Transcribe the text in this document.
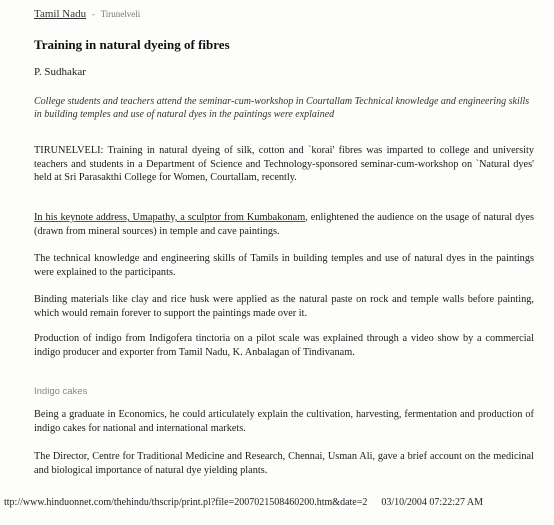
Tamil Nadu - Tirunelveli
Training in natural dyeing of fibres
P. Sudhakar
College students and teachers attend the seminar-cum-workshop in Courtallam Technical knowledge and engineering skills in building temples and use of natural dyes in the paintings were explained
TIRUNELVELI: Training in natural dyeing of silk, cotton and `korai' fibres was imparted to college and university teachers and students in a Department of Science and Technology-sponsored seminar-cum-workshop on `Natural dyes' held at Sri Parasakthi College for Women, Courtallam, recently.
In his keynote address, Umapathy, a sculptor from Kumbakonam, enlightened the audience on the usage of natural dyes (drawn from mineral sources) in temple and cave paintings.
The technical knowledge and engineering skills of Tamils in building temples and use of natural dyes in the paintings were explained to the participants.
Binding materials like clay and rice husk were applied as the natural paste on rock and temple walls before painting, which would remain forever to support the paintings made over it.
Production of indigo from Indigofera tinctoria on a pilot scale was explained through a video show by a commercial indigo producer and exporter from Tamil Nadu, K. Anbalagan of Tindivanam.
Indigo cakes
Being a graduate in Economics, he could articulately explain the cultivation, harvesting, fermentation and production of indigo cakes for national and international markets.
The Director, Centre for Traditional Medicine and Research, Chennai, Usman Ali, gave a brief account on the medicinal and biological importance of natural dye yielding plants.
ttp://www.hinduonnet.com/thehindu/thscrip/print.pl?file=2007021508460200.htm&date=2 03/10/2004 07:22:27 AM
